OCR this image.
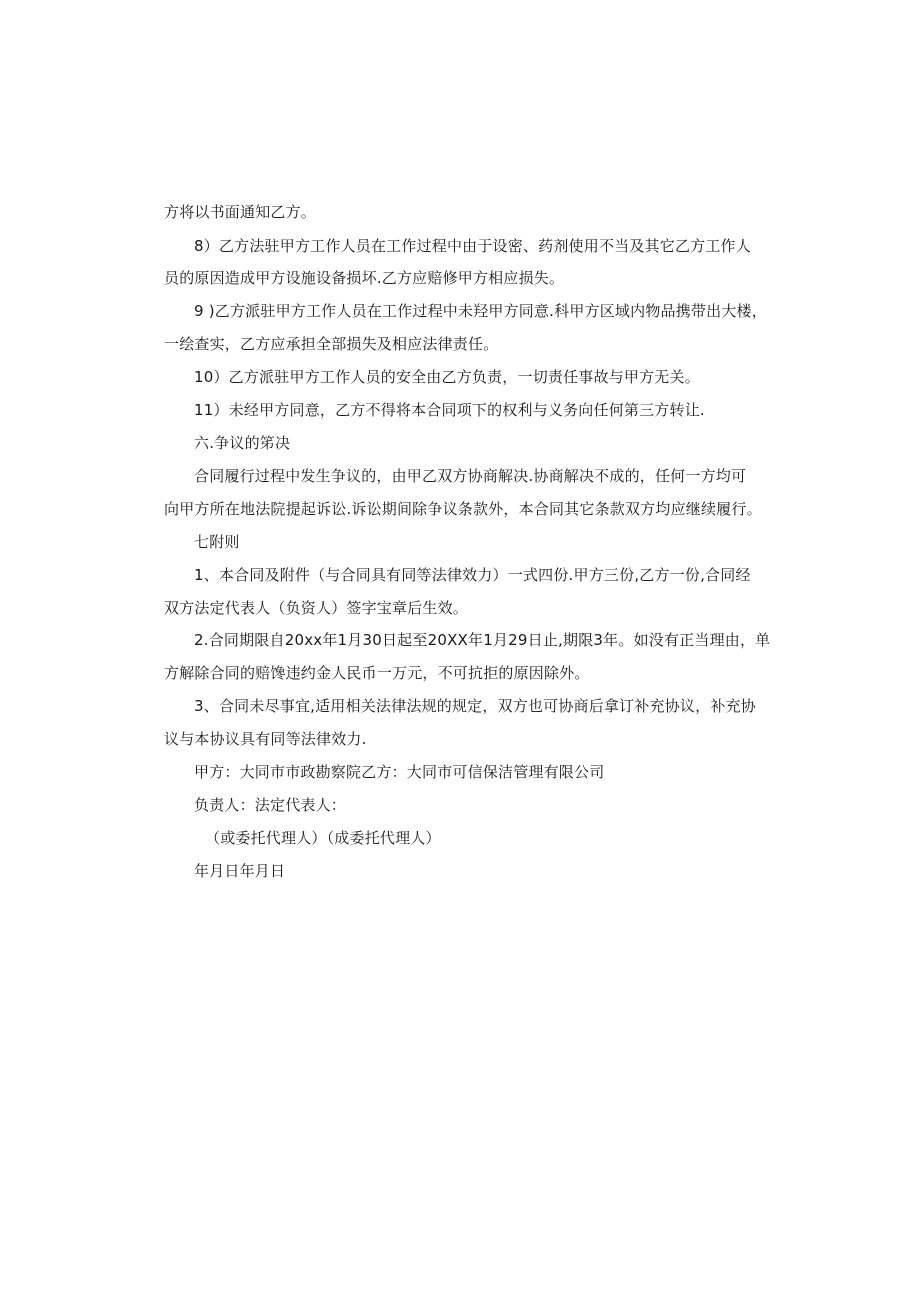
方将以书面通知乙方。
8）乙方法驻甲方工作人员在工作过程中由于设密、药剂使用不当及其它乙方工作人
员的原因造成甲方设施设备损坏.乙方应赔修甲方相应损失。
9 )乙方派驻甲方工作人员在工作过程中未羟甲方同意.科甲方区域内物品携带出大楼，
一绘查实，乙方应承担全部损失及相应法律责任。
10）乙方派驻甲方工作人员的安全由乙方负责，一切责任事故与甲方无关。
11）未经甲方同意，乙方不得将本合同项下的权利与义务向任何第三方转让.
六.争议的笫决
合同履行过程中发生争议的，由甲乙双方协商解决.协商解决不成的，任何一方均可
向甲方所在地法院提起诉讼.诉讼期间除争议条款外，本合同其它条款双方均应继续履行。
七附则
1、本合同及附件（与合同具有同等法律效力）一式四份.甲方三份,乙方一份,合同经
双方法定代表人（负资人）签字宝章后生效。
2.合同期限自20xx年1月30日起至20XX年1月29日止,期限3年。如没有正当理由，单
方解除合同的赔馋违约金人民币一万元，不可抗拒的原因除外。
3、合同未尽事宜,适用相关法律法规的规定，双方也可协商后拿订补充协议，补充协
议与本协议具有同等法律效力.
甲方：大同市市政勘察院乙方：大同市可信保洁管理有限公司
负责人：法定代表人：
（或委托代理人）（成委托代理人）
年月日年月日
